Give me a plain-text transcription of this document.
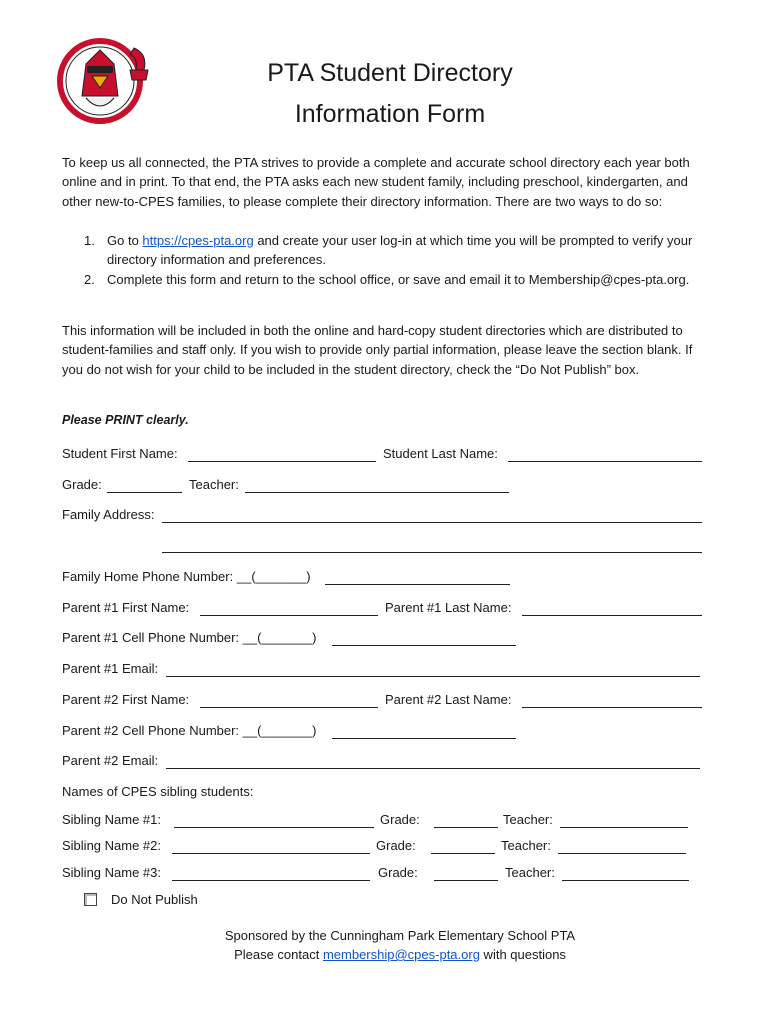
PTA Student Directory
Information Form

To keep us all connected, the PTA strives to provide a complete and accurate school directory each year both online and in print. To that end, the PTA asks each new student family, including preschool, kindergarten, and other new-to-CPES families, to please complete their directory information. There are two ways to do so:

1. Go to https://cpes-pta.org and create your user log-in at which time you will be prompted to verify your directory information and preferences.
2. Complete this form and return to the school office, or save and email it to Membership@cpes-pta.org.

This information will be included in both the online and hard-copy student directories which are distributed to student-families and staff only. If you wish to provide only partial information, please leave the section blank. If you do not wish for your child to be included in the student directory, check the “Do Not Publish” box.

Please PRINT clearly.
Student First Name:	Student Last Name:
Grade:	Teacher:
Family Address:
Family Home Phone Number: __(_______)
Parent #1 First Name:	Parent #1 Last Name:
Parent #1 Cell Phone Number: __(_______)
Parent #1 Email:
Parent #2 First Name:	Parent #2 Last Name:
Parent #2 Cell Phone Number: __(_______)
Parent #2 Email:
Names of CPES sibling students:
Sibling Name #1:	Grade:	Teacher:
Sibling Name #2:	Grade:	Teacher:
Sibling Name #3:	Grade:	Teacher:
Do Not Publish
Sponsored by the Cunningham Park Elementary School PTA
Please contact membership@cpes-pta.org with questions
